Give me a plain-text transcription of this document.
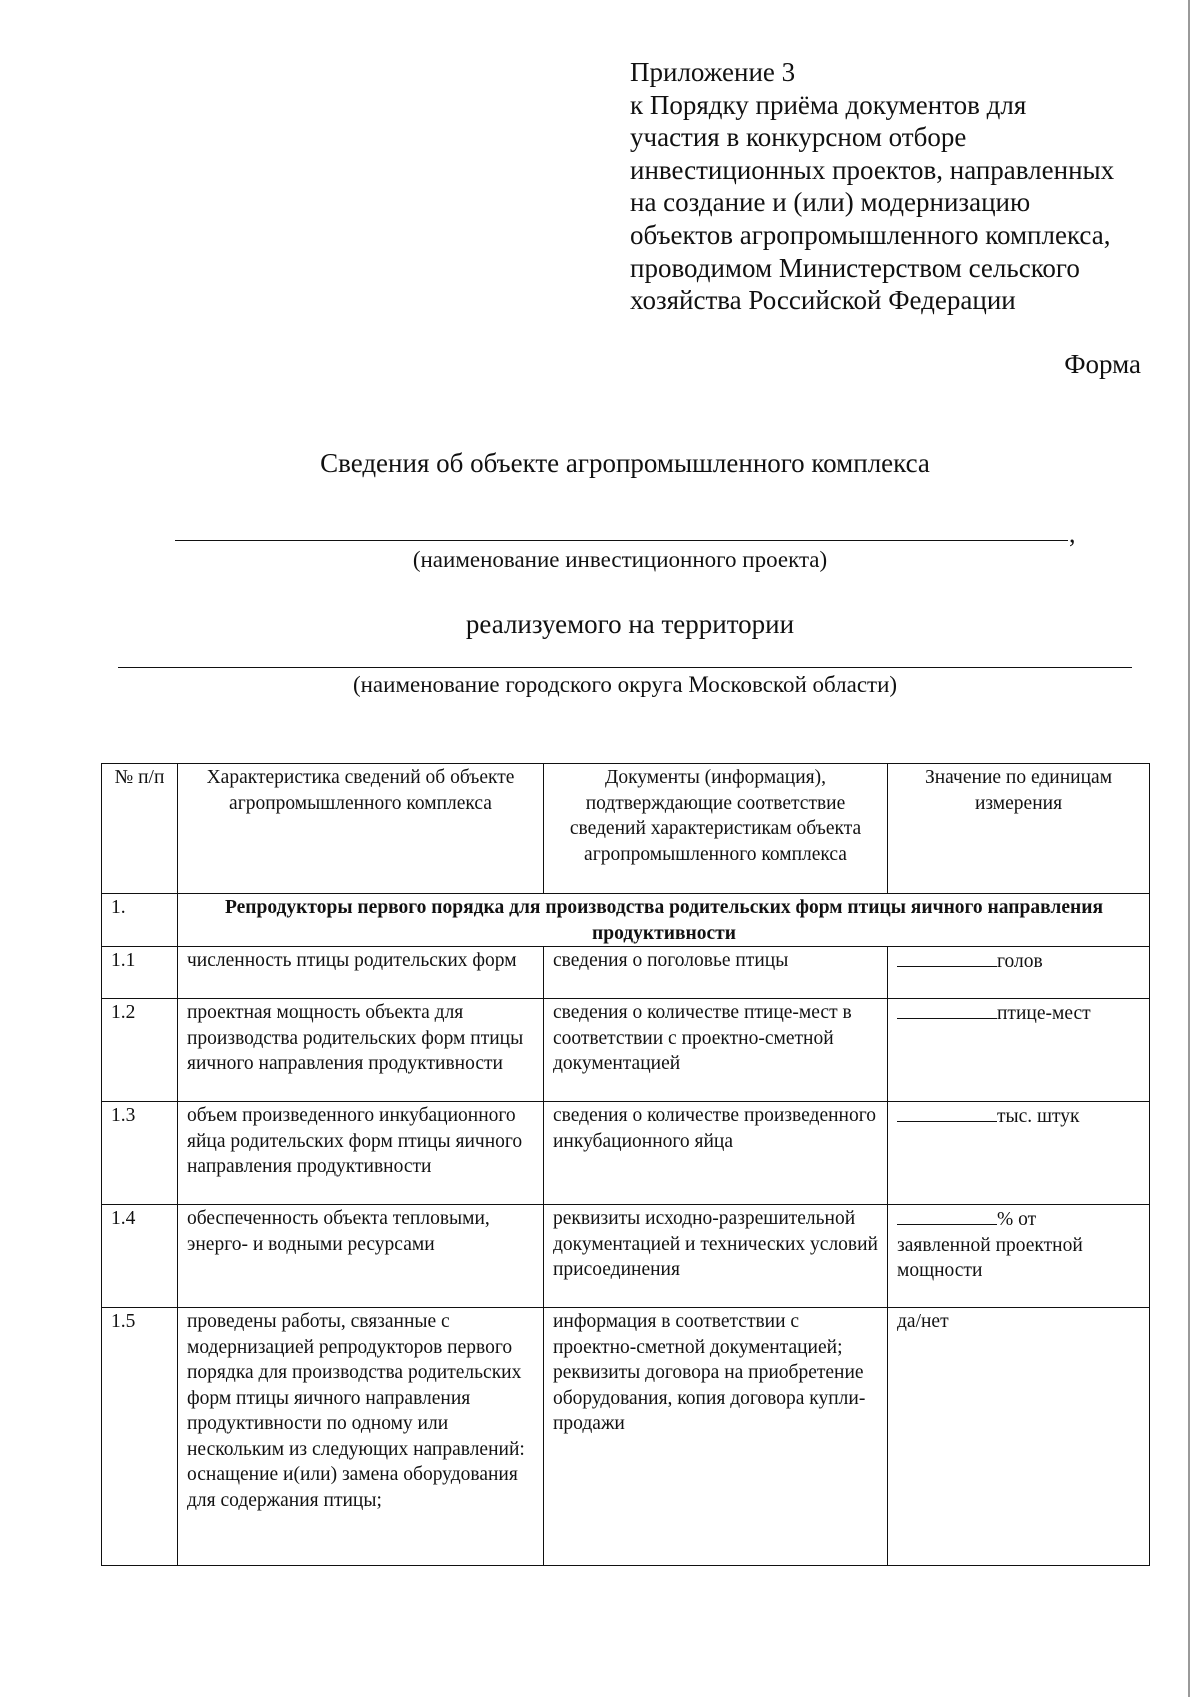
Приложение 3
к Порядку приёма документов для
участия в конкурсном отборе
инвестиционных проектов, направленных
на создание и (или) модернизацию
объектов агропромышленного комплекса,
проводимом Министерством сельского
хозяйства Российской Федерации
Форма
Сведения об объекте агропромышленного комплекса
,
(наименование инвестиционного проекта)
реализуемого на территории
(наименование городского округа Московской области)
№ п/п	Характеристика сведений об объекте агропромышленного комплекса	Документы (информация), подтверждающие соответствие сведений характеристикам объекта агропромышленного комплекса	Значение по единицам измерения
1.	Репродукторы первого порядка для производства родительских форм птицы яичного направления продуктивности		
1.1	численность птицы родительских форм	сведения о поголовье птицы	голов
1.2	проектная мощность объекта для производства родительских форм птицы яичного направления продуктивности	сведения о количестве птице-мест в соответствии с проектно-сметной документацией	птице-мест
1.3	объем произведенного инкубационного яйца родительских форм птицы яичного направления продуктивности	сведения о количестве произведенного инкубационного яйца	тыс. штук
1.4	обеспеченность объекта тепловыми, энерго- и водными ресурсами	реквизиты исходно-разрешительной документацией и технических условий присоединения	% от
заявленной проектной мощности
1.5	проведены работы, связанные с модернизацией репродукторов первого порядка для производства родительских форм птицы яичного направления продуктивности по одному или нескольким из следующих направлений: оснащение и(или) замена оборудования для содержания птицы;	информация в соответствии с проектно-сметной документацией; реквизиты договора на приобретение оборудования, копия договора купли-продажи	да/нет
